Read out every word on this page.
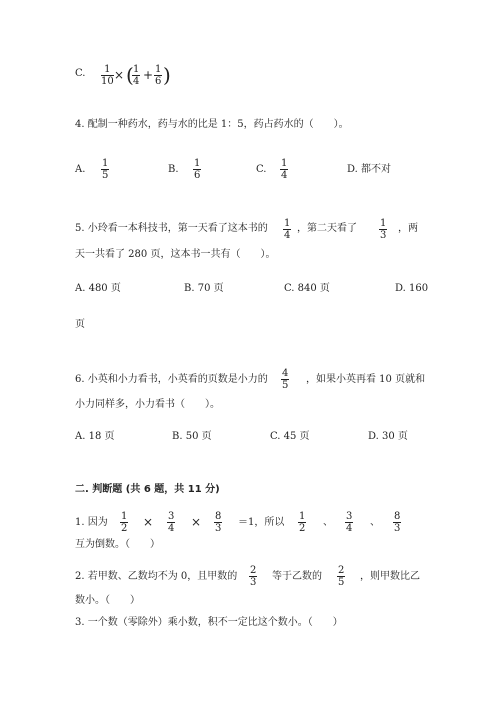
C. 1
10 × ( 1
4 + 1
6 )
4. 配制一种药水，药与水的比是 1：5，药占药水的（　　）。
A.
1
5
B.
1
6
C.
1
4
D. 都不对
5. 小玲看一本科技书，第一天看了这本书的 1
4
，第二天看了 1
3
，两
天一共看了 280 页，这本书一共有（　　）。
A. 480 页	B. 70 页	C. 840 页	D. 160
页
6. 小英和小力看书，小英看的页数是小力的
4
5
，如果小英再看 10 页就和
小力同样多，小力看书（　　）。
A. 18 页	B. 50 页	C. 45 页	D. 30 页
二. 判断题 (共 6 题，共 11 分)
1. 因为
1
2 × 3
4 × 8
3
＝1，所以
1
2
、
3
4
、
8
3
互为倒数。（　　）
2. 若甲数、乙数均不为 0，且甲数的
2
3
等于乙数的
2
5
，则甲数比乙
数小。（　　）
3. 一个数（零除外）乘小数，积不一定比这个数小。（　　）
